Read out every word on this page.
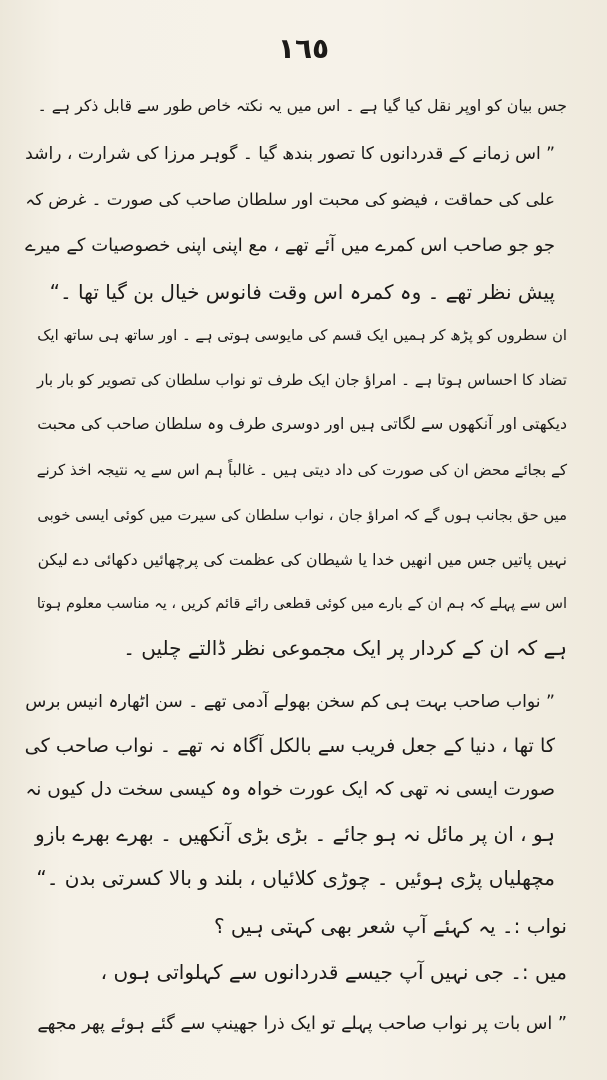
١٦٥
جس بیان کو اوپر نقل کیا گیا ہے ۔ اس میں یہ نکتہ خاص طور سے قابل ذکر ہے ۔
” اس زمانے کے قدردانوں کا تصور بندھ گیا ۔ گوہر مرزا کی شرارت ، راشد
علی کی حماقت ، فیضو کی محبت اور سلطان صاحب کی صورت ۔ غرض کہ
جو جو صاحب اس کمرے میں آئے تھے ، مع اپنی اپنی خصوصیات کے میرے
پیش نظر تھے ۔ وہ کمرہ اس وقت فانوس خیال بن گیا تھا ۔“
ان سطروں کو پڑھ کر ہمیں ایک قسم کی مایوسی ہوتی ہے ۔ اور ساتھ ہی ساتھ ایک
تضاد کا احساس ہوتا ہے ۔ امراؤ جان ایک طرف تو نواب سلطان کی تصویر کو بار بار
دیکھتی اور آنکھوں سے لگاتی ہیں اور دوسری طرف وہ سلطان صاحب کی محبت
کے بجائے محض ان کی صورت کی داد دیتی ہیں ۔ غالباً ہم اس سے یہ نتیجہ اخذ کرنے
میں حق بجانب ہوں گے کہ امراؤ جان ، نواب سلطان کی سیرت میں کوئی ایسی خوبی
نہیں پاتیں جس میں انھیں خدا یا شیطان کی عظمت کی پرچھائیں دکھائی دے لیکن
اس سے پہلے کہ ہم ان کے بارے میں کوئی قطعی رائے قائم کریں ، یہ مناسب معلوم ہوتا
ہے کہ ان کے کردار پر ایک مجموعی نظر ڈالتے چلیں ۔
” نواب صاحب بہت ہی کم سخن بھولے آدمی تھے ۔ سن اٹھارہ انیس برس
کا تھا ، دنیا کے جعل فریب سے بالکل آگاہ نہ تھے ۔ نواب صاحب کی
صورت ایسی نہ تھی کہ ایک عورت خواہ وہ کیسی سخت دل کیوں نہ
ہو ، ان پر مائل نہ ہو جائے ۔ بڑی بڑی آنکھیں ۔ بھرے بھرے بازو
مچھلیاں پڑی ہوئیں ۔ چوڑی کلائیاں ، بلند و بالا کسرتی بدن ۔“
نواب :۔ یہ کہئے آپ شعر بھی کہتی ہیں ؟
میں :۔ جی نہیں آپ جیسے قدردانوں سے کہلواتی ہوں ،
” اس بات پر نواب صاحب پہلے تو ایک ذرا جھینپ سے گئے ہوئے پھر مجھے
